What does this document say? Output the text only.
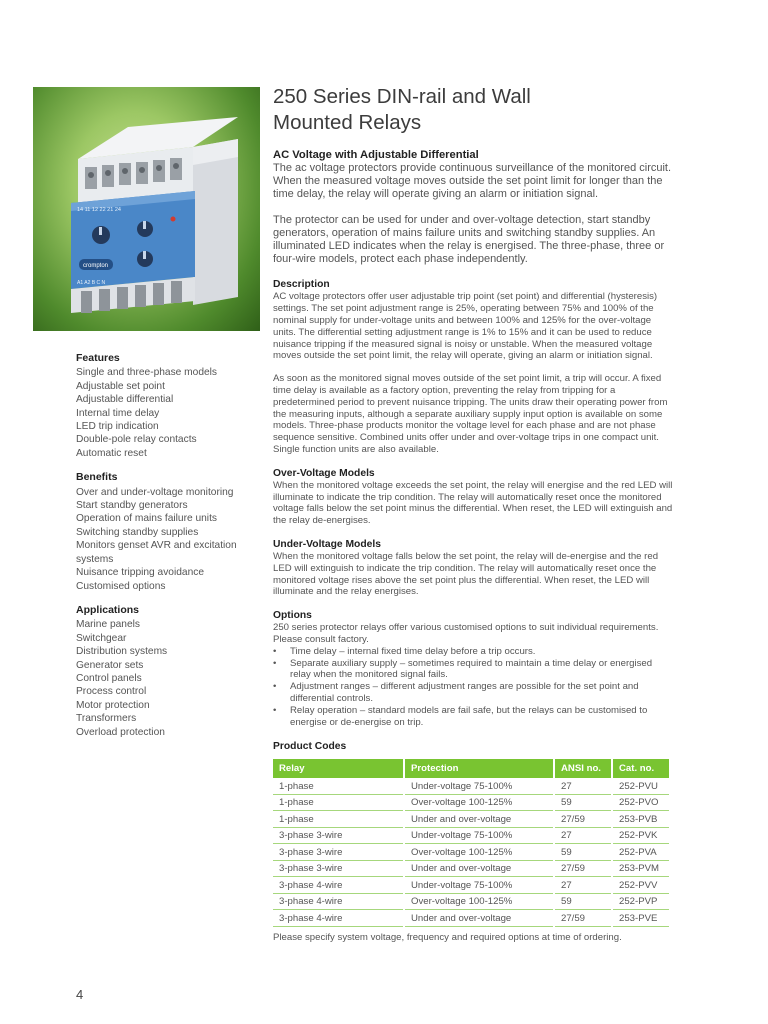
14 11 12 22 21 24
crompton
A1 A2 B C N
Features
Single and three-phase models
Adjustable set point
Adjustable differential
Internal time delay
LED trip indication
Double-pole relay contacts
Automatic reset
Benefits
Over and under-voltage monitoring
Start standby generators
Operation of mains failure units
Switching standby supplies
Monitors genset AVR and excitation systems
Nuisance tripping avoidance
Customised options
Applications
Marine panels
Switchgear
Distribution systems
Generator sets
Control panels
Process control
Motor protection
Transformers
Overload protection
250 Series DIN-rail and Wall
Mounted Relays

AC Voltage with Adjustable Differential

The ac voltage protectors provide continuous surveillance of the monitored circuit. When the measured voltage moves outside the set point limit for longer than the time delay, the relay will operate giving an alarm or initiation signal.

The protector can be used for under and over-voltage detection, start standby generators, operation of mains failure units and switching standby supplies. An illuminated LED indicates when the relay is energised. The three-phase, three or four-wire models, protect each phase independently.

Description

AC voltage protectors offer user adjustable trip point (set point) and differential (hysteresis) settings. The set point adjustment range is 25%, operating between 75% and 100% of the nominal supply for under-voltage units and between 100% and 125% for the over-voltage units. The differential setting adjustment range is 1% to 15% and it can be used to reduce nuisance tripping if the measured signal is noisy or unstable. When the measured voltage moves outside the set point limit, the relay will operate, giving an alarm or initiation signal.

As soon as the monitored signal moves outside of the set point limit, a trip will occur. A fixed time delay is available as a factory option, preventing the relay from tripping for a predetermined period to prevent nuisance tripping. The units draw their operating power from the measuring inputs, although a separate auxiliary supply input option is available on some models. Three-phase products monitor the voltage level for each phase and are not phase sequence sensitive. Combined units offer under and over-voltage trips in one compact unit. Single function units are also available.

Over-Voltage Models

When the monitored voltage exceeds the set point, the relay will energise and the red LED will illuminate to indicate the trip condition. The relay will automatically reset once the monitored voltage falls below the set point minus the differential. When reset, the LED will extinguish and the relay de-energises.

Under-Voltage Models

When the monitored voltage falls below the set point, the relay will de-energise and the red LED will extinguish to indicate the trip condition. The relay will automatically reset once the monitored voltage rises above the set point plus the differential. When reset, the LED will illuminate and the relay energises.

Options

250 series protector relays offer various customised options to suit individual requirements. Please consult factory.

• Time delay – internal fixed time delay before a trip occurs.
• Separate auxiliary supply – sometimes required to maintain a time delay or energised relay when the monitored signal fails.
• Adjustment ranges – different adjustment ranges are possible for the set point and differential controls.
• Relay operation – standard models are fail safe, but the relays can be customised to energise or de-energise on trip.

Product Codes

Relay	Protection	ANSI no.	Cat. no.
1-phase	Under-voltage 75-100%	27	252-PVU
1-phase	Over-voltage 100-125%	59	252-PVO
1-phase	Under and over-voltage	27/59	253-PVB
3-phase 3-wire	Under-voltage 75-100%	27	252-PVK
3-phase 3-wire	Over-voltage 100-125%	59	252-PVA
3-phase 3-wire	Under and over-voltage	27/59	253-PVM
3-phase 4-wire	Under-voltage 75-100%	27	252-PVV
3-phase 4-wire	Over-voltage 100-125%	59	252-PVP
3-phase 4-wire	Under and over-voltage	27/59	253-PVE

Please specify system voltage, frequency and required options at time of ordering.

4
